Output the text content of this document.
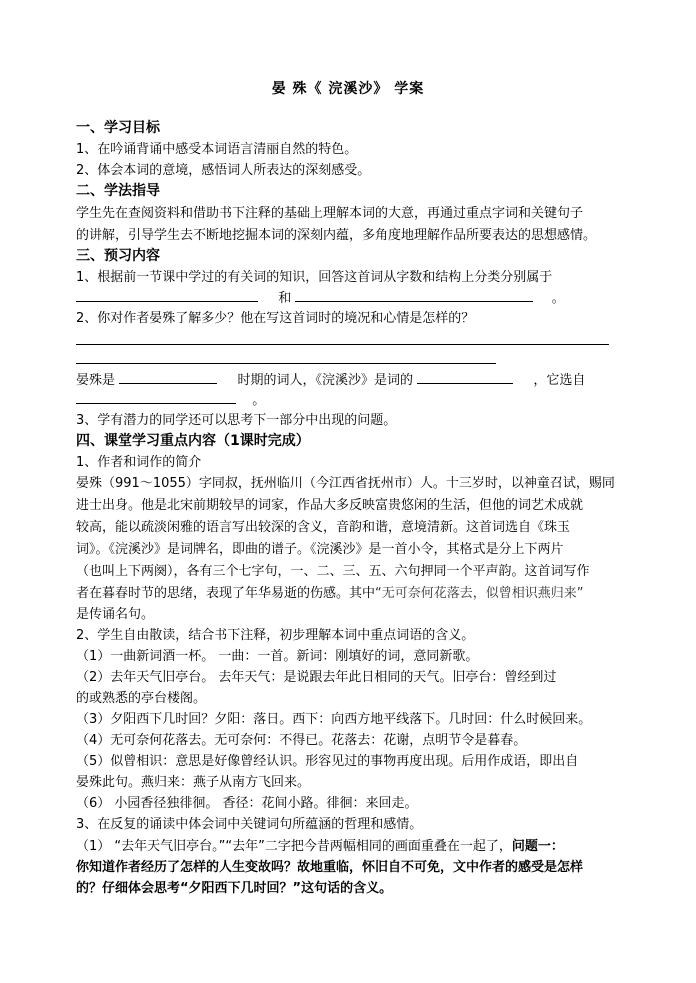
晏 殊《 浣溪沙》 学案
一、学习目标
1、在吟诵背诵中感受本词语言清丽自然的特色。
2、体会本词的意境，感悟词人所表达的深刻感受。
二、学法指导
学生先在查阅资料和借助书下注释的基础上理解本词的大意，再通过重点字词和关键句子
的讲解，引导学生去不断地挖掘本词的深刻内蕴，多角度地理解作品所要表达的思想感情。
三、预习内容
1、根据前一节课中学过的有关词的知识，回答这首词从字数和结构上分类分别属于
和	。
2、你对作者晏殊了解多少？他在写这首词时的境况和心情是怎样的？
晏殊是	时期的词人，《浣溪沙》是词的	，它选自
。
3、学有潜力的同学还可以思考下一部分中出现的问题。
四、课堂学习重点内容（1课时完成）
1、作者和词作的简介
晏殊（991～1055）字同叔，抚州临川（今江西省抚州市）人。十三岁时，以神童召试，赐同
进士出身。他是北宋前期较早的词家，作品大多反映富贵悠闲的生活，但他的词艺术成就
较高，能以疏淡闲雅的语言写出较深的含义，音韵和谐，意境清新。这首词选自《珠玉
词》。《浣溪沙》是词牌名，即曲的谱子。《浣溪沙》是一首小令，其格式是分上下两片
（也叫上下两阕），各有三个七字句，一、二、三、五、六句押同一个平声韵。这首词写作
者在暮春时节的思绪，表现了年华易逝的伤感。其中“无可奈何花落去，似曾相识燕归来”
是传诵名句。
2、学生自由散读，结合书下注释，初步理解本词中重点词语的含义。
（1）一曲新词酒一杯。 一曲：一首。新词：刚填好的词，意同新歌。
（2）去年天气旧亭台。 去年天气：是说跟去年此日相同的天气。旧亭台：曾经到过
的或熟悉的亭台楼阁。
（3）夕阳西下几时回？夕阳：落日。西下：向西方地平线落下。几时回：什么时候回来。
（4）无可奈何花落去。无可奈何：不得已。花落去：花谢，点明节令是暮春。
（5）似曾相识：意思是好像曾经认识。形容见过的事物再度出现。后用作成语，即出自
晏殊此句。燕归来：燕子从南方飞回来。
（6） 小园香径独徘徊。 香径：花间小路。徘徊：来回走。
3、在反复的诵读中体会词中关键词句所蕴涵的哲理和感情。
（1） “去年天气旧亭台。”“去年”二字把今昔两幅相同的画面重叠在一起了，问题一：
你知道作者经历了怎样的人生变故吗？故地重临，怀旧自不可免，文中作者的感受是怎样
的？仔细体会思考“夕阳西下几时回？”这句话的含义。
